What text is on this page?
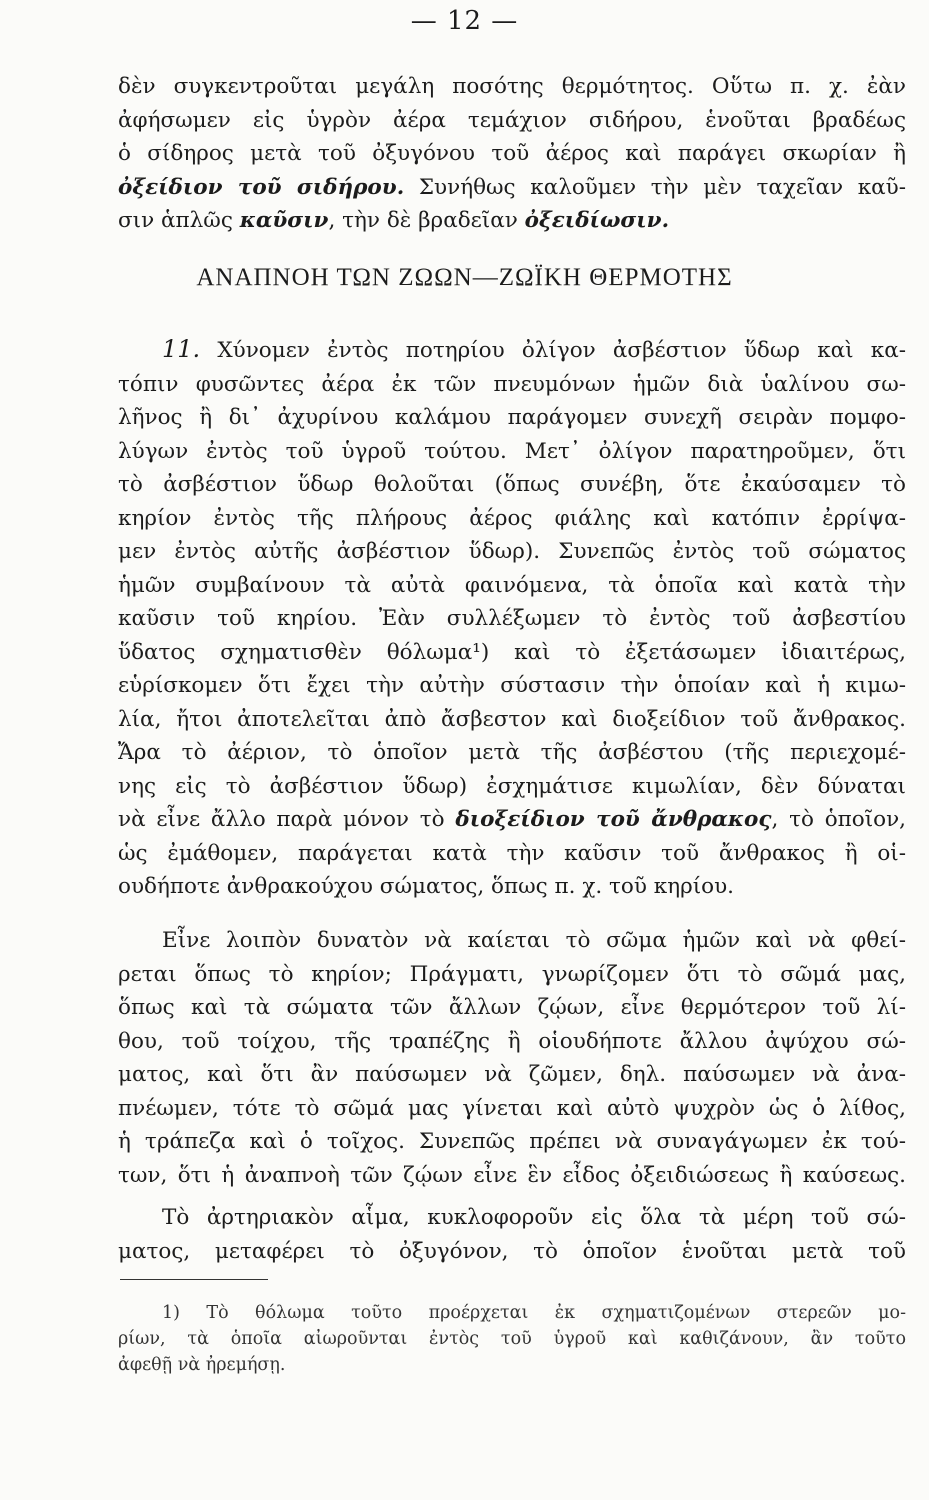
— 12 —
δὲν συγκεντροῦται μεγάλη ποσότης θερμότητος. Οὕτω π. χ. ἐὰν
ἀφήσωμεν εἰς ὑγρὸν ἀέρα τεμάχιον σιδήρου, ἑνοῦται βραδέως
ὁ σίδηρος μετὰ τοῦ ὀξυγόνου τοῦ ἀέρος καὶ παράγει σκωρίαν ἢ
ὀξείδιον τοῦ σιδήρου. Συνήθως καλοῦμεν τὴν μὲν ταχεῖαν καῦ-
σιν ἁπλῶς καῦσιν, τὴν δὲ βραδεῖαν ὀξειδίωσιν.
ΑΝΑΠΝΟΗ ΤΩΝ ΖΩΩΝ—ΖΩΪΚΗ ΘΕΡΜΟΤΗΣ
11. Χύνομεν ἐντὸς ποτηρίου ὀλίγον ἀσβέστιον ὕδωρ καὶ κα-
τόπιν φυσῶντες ἀέρα ἐκ τῶν πνευμόνων ἡμῶν διὰ ὑαλίνου σω-
λῆνος ἢ δι᾽ ἀχυρίνου καλάμου παράγομεν συνεχῆ σειρὰν πομφο-
λύγων ἐντὸς τοῦ ὑγροῦ τούτου. Μετ᾽ ὀλίγον παρατηροῦμεν, ὅτι
τὸ ἀσβέστιον ὕδωρ θολοῦται (ὅπως συνέβη, ὅτε ἐκαύσαμεν τὸ
κηρίον ἐντὸς τῆς πλήρους ἀέρος φιάλης καὶ κατόπιν ἐρρίψα-
μεν ἐντὸς αὐτῆς ἀσβέστιον ὕδωρ). Συνεπῶς ἐντὸς τοῦ σώματος
ἡμῶν συμβαίνουν τὰ αὐτὰ φαινόμενα, τὰ ὁποῖα καὶ κατὰ τὴν
καῦσιν τοῦ κηρίου. Ἐὰν συλλέξωμεν τὸ ἐντὸς τοῦ ἀσβεστίου
ὕδατος σχηματισθὲν θόλωμα¹) καὶ τὸ ἐξετάσωμεν ἰδιαιτέρως,
εὑρίσκομεν ὅτι ἔχει τὴν αὐτὴν σύστασιν τὴν ὁποίαν καὶ ἡ κιμω-
λία, ἤτοι ἀποτελεῖται ἀπὸ ἄσβεστον καὶ διοξείδιον τοῦ ἄνθρακος.
Ἄρα τὸ ἀέριον, τὸ ὁποῖον μετὰ τῆς ἀσβέστου (τῆς περιεχομέ-
νης εἰς τὸ ἀσβέστιον ὕδωρ) ἐσχημάτισε κιμωλίαν, δὲν δύναται
νὰ εἶνε ἄλλο παρὰ μόνον τὸ διοξείδιον τοῦ ἄνθρακος, τὸ ὁποῖον,
ὡς ἐμάθομεν, παράγεται κατὰ τὴν καῦσιν τοῦ ἄνθρακος ἢ οἱ-
ουδήποτε ἀνθρακούχου σώματος, ὅπως π. χ. τοῦ κηρίου.
Εἶνε λοιπὸν δυνατὸν νὰ καίεται τὸ σῶμα ἡμῶν καὶ νὰ φθεί-
ρεται ὅπως τὸ κηρίον; Πράγματι, γνωρίζομεν ὅτι τὸ σῶμά μας,
ὅπως καὶ τὰ σώματα τῶν ἄλλων ζῴων, εἶνε θερμότερον τοῦ λί-
θου, τοῦ τοίχου, τῆς τραπέζης ἢ οἱουδήποτε ἄλλου ἀψύχου σώ-
ματος, καὶ ὅτι ἂν παύσωμεν νὰ ζῶμεν, δηλ. παύσωμεν νὰ ἀνα-
πνέωμεν, τότε τὸ σῶμά μας γίνεται καὶ αὐτὸ ψυχρὸν ὡς ὁ λίθος,
ἡ τράπεζα καὶ ὁ τοῖχος. Συνεπῶς πρέπει νὰ συναγάγωμεν ἐκ τού-
των, ὅτι ἡ ἀναπνοὴ τῶν ζῴων εἶνε ἓν εἶδος ὀξειδιώσεως ἢ καύσεως.
Τὸ ἀρτηριακὸν αἷμα, κυκλοφοροῦν εἰς ὅλα τὰ μέρη τοῦ σώ-
ματος, μεταφέρει τὸ ὀξυγόνον, τὸ ὁποῖον ἑνοῦται μετὰ τοῦ
1) Τὸ θόλωμα τοῦτο προέρχεται ἐκ σχηματιζομένων στερεῶν μο-
ρίων, τὰ ὁποῖα αἰωροῦνται ἐντὸς τοῦ ὑγροῦ καὶ καθιζάνουν, ἂν τοῦτο
ἀφεθῇ νὰ ἠρεμήσῃ.
